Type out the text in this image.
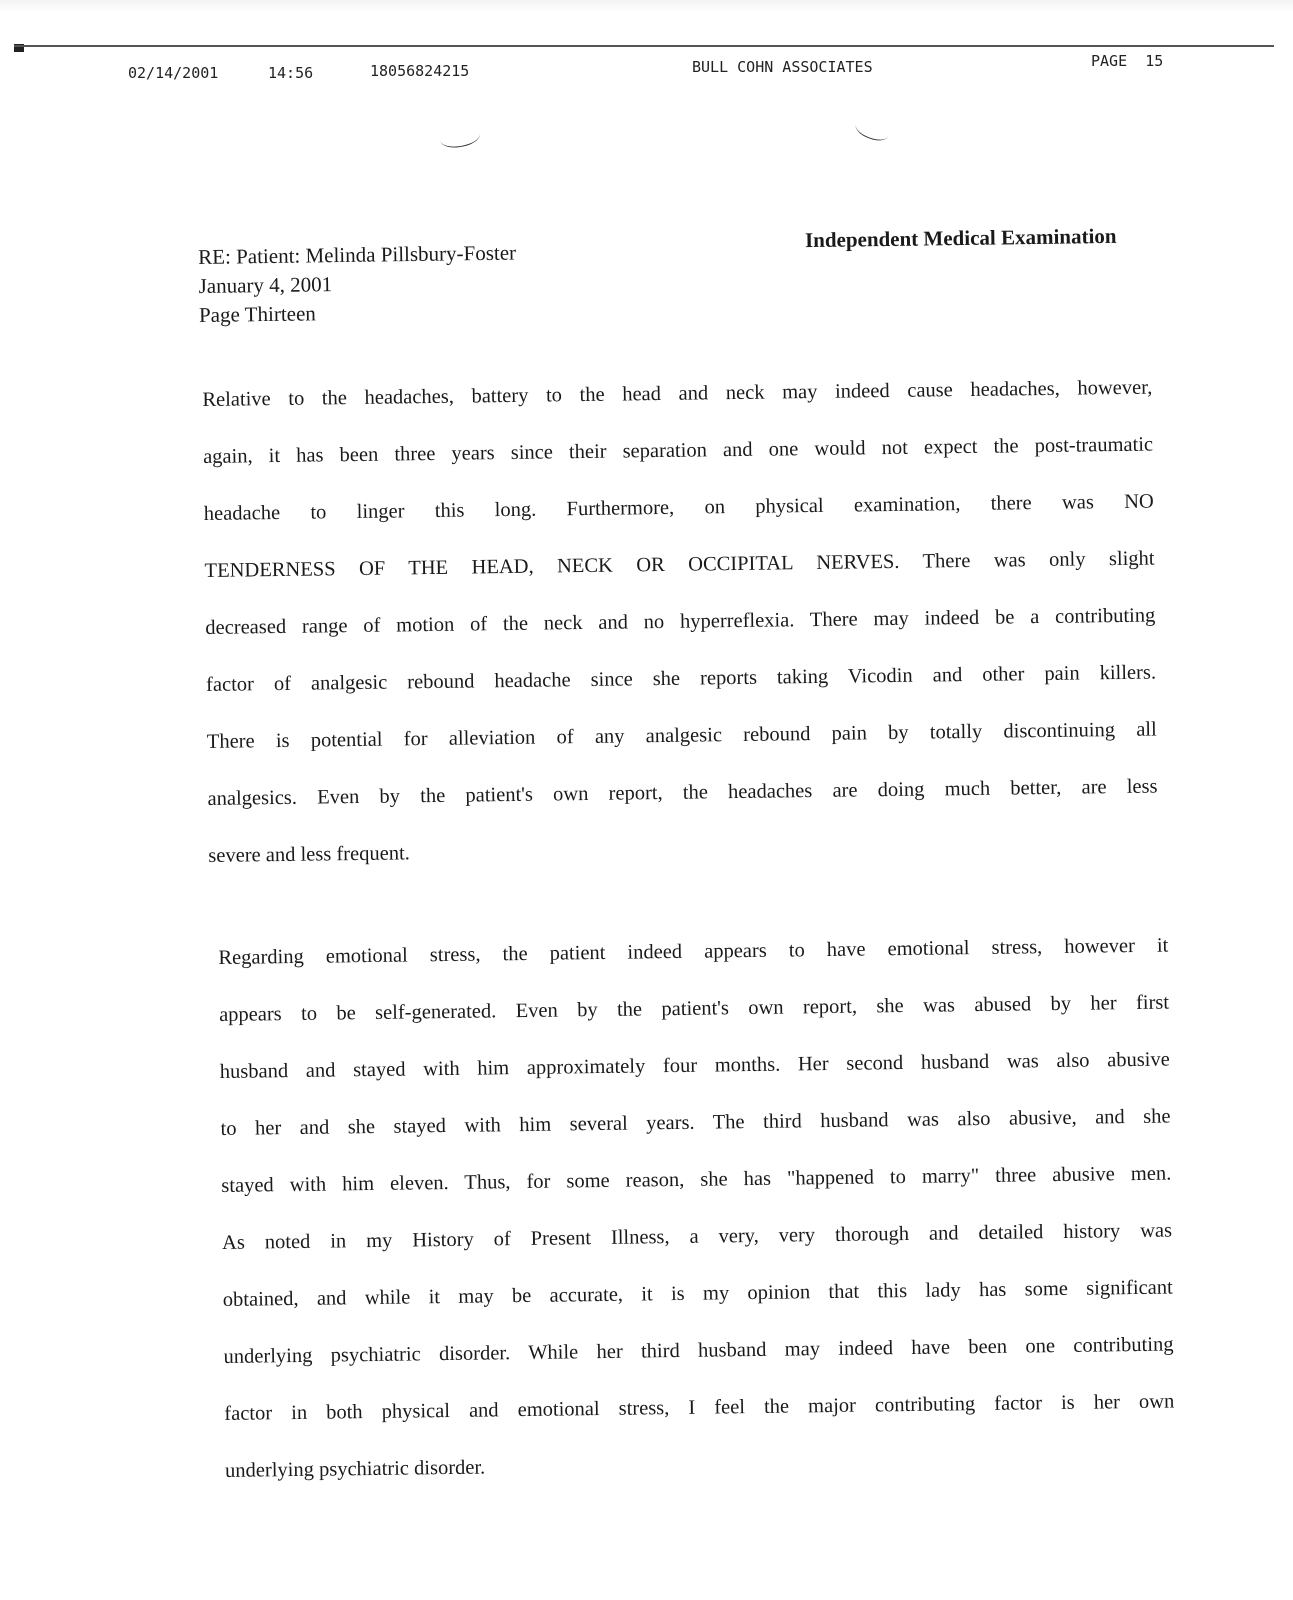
02/14/2001	14:56	18056824215	BULL COHN ASSOCIATES	PAGE 15
Independent Medical Examination
RE: Patient: Melinda Pillsbury-Foster
January 4, 2001
Page Thirteen
Relative to the headaches, battery to the head and neck may indeed cause headaches, however,
again, it has been three years since their separation and one would not expect the post-traumatic
headache to linger this long. Furthermore, on physical examination, there was NO
TENDERNESS OF THE HEAD, NECK OR OCCIPITAL NERVES. There was only slight
decreased range of motion of the neck and no hyperreflexia. There may indeed be a contributing
factor of analgesic rebound headache since she reports taking Vicodin and other pain killers.
There is potential for alleviation of any analgesic rebound pain by totally discontinuing all
analgesics. Even by the patient's own report, the headaches are doing much better, are less
severe and less frequent.
Regarding emotional stress, the patient indeed appears to have emotional stress, however it
appears to be self-generated. Even by the patient's own report, she was abused by her first
husband and stayed with him approximately four months. Her second husband was also abusive
to her and she stayed with him several years. The third husband was also abusive, and she
stayed with him eleven. Thus, for some reason, she has "happened to marry" three abusive men.
As noted in my History of Present Illness, a very, very thorough and detailed history was
obtained, and while it may be accurate, it is my opinion that this lady has some significant
underlying psychiatric disorder. While her third husband may indeed have been one contributing
factor in both physical and emotional stress, I feel the major contributing factor is her own
underlying psychiatric disorder.
